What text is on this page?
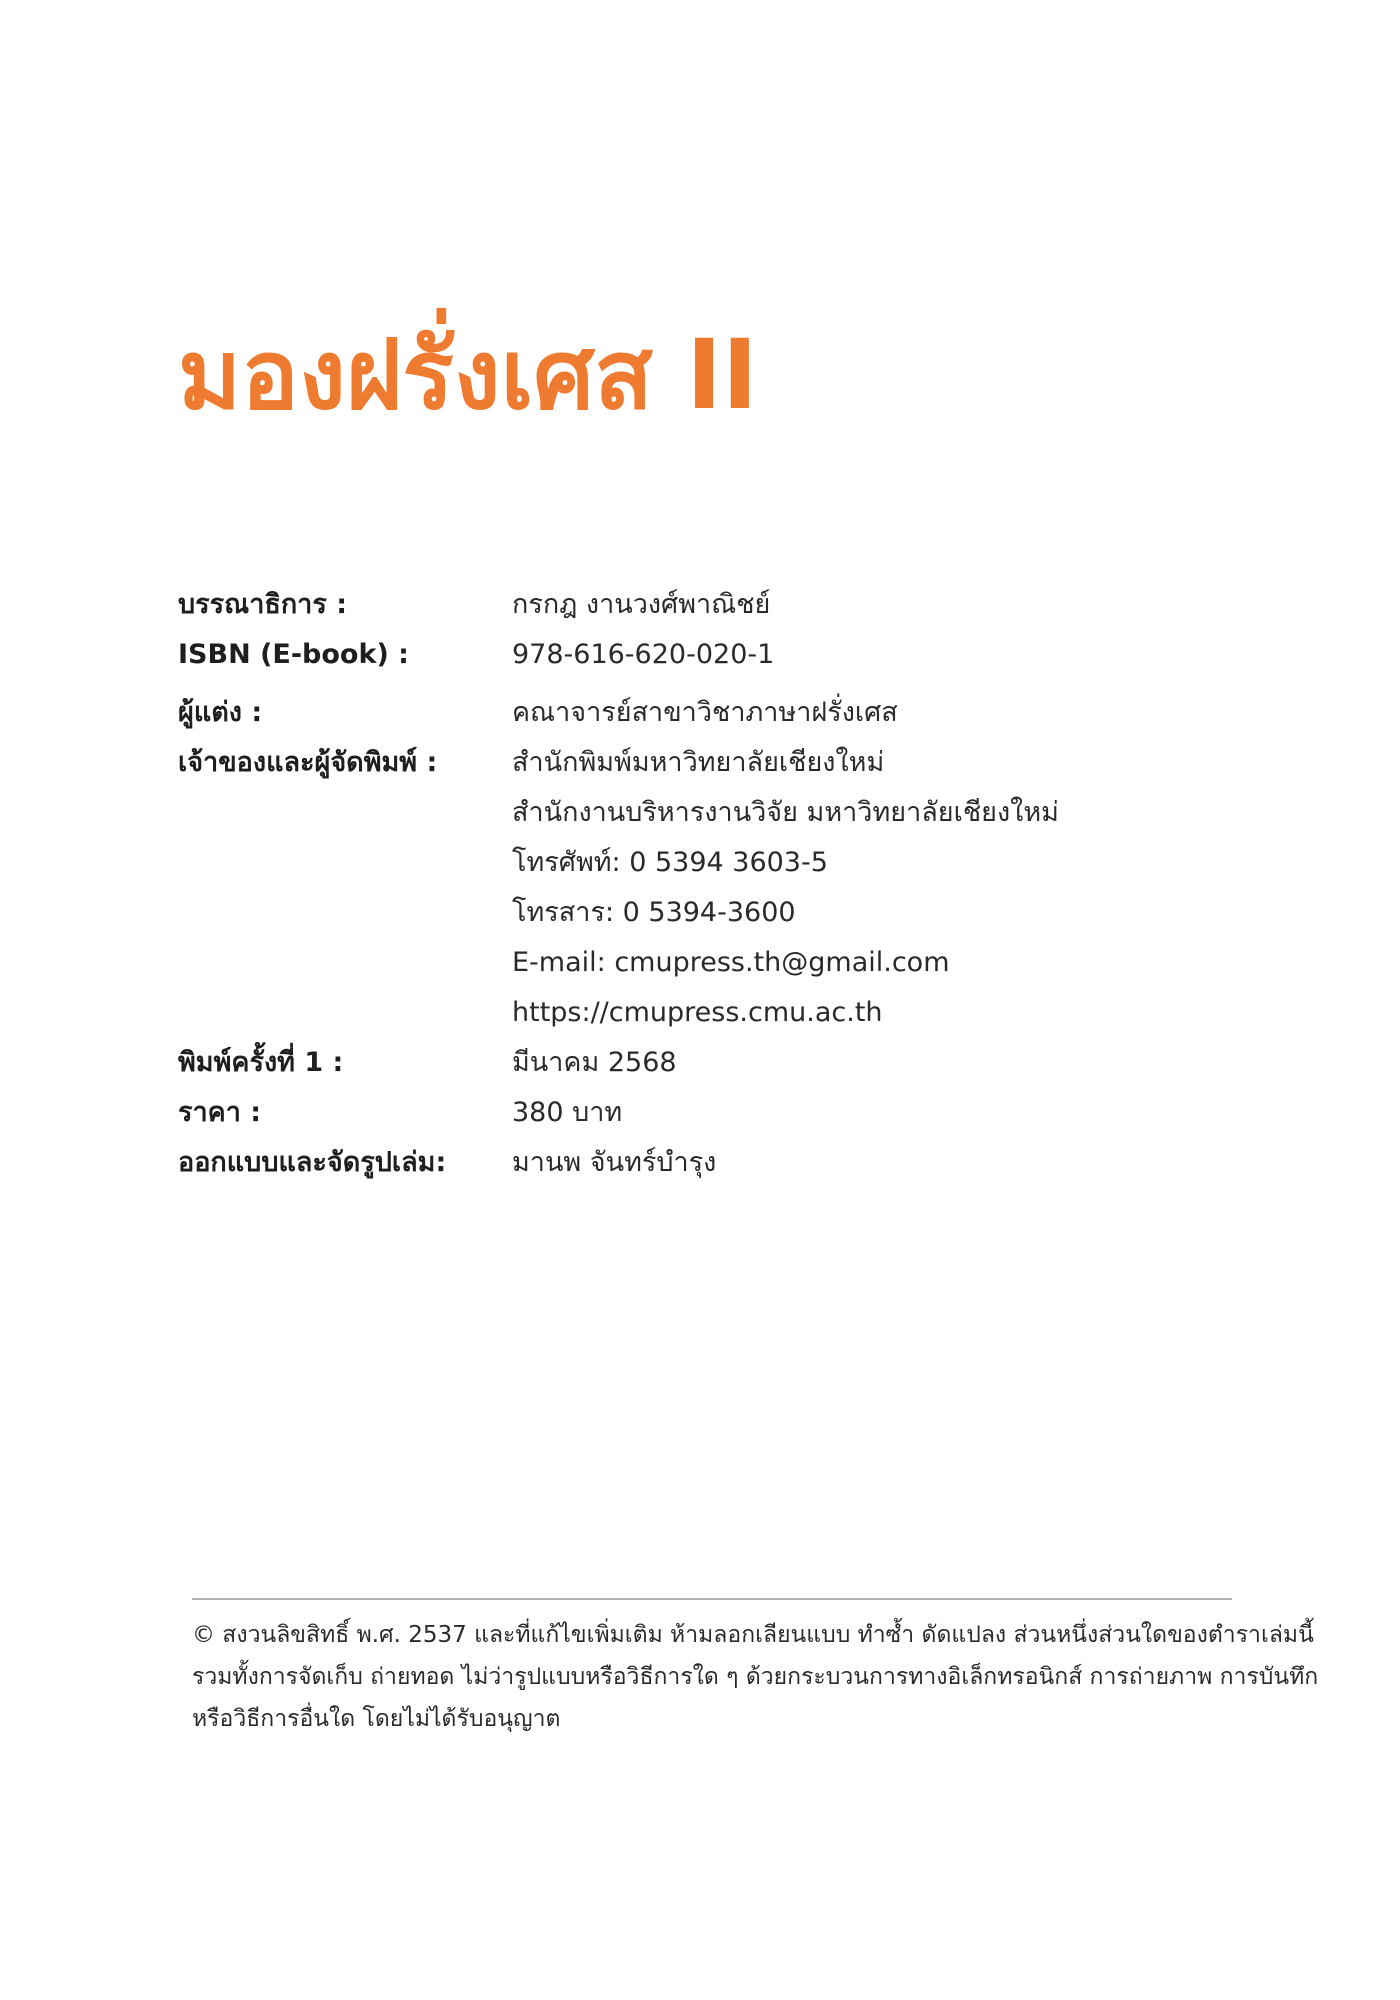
มองฝรั่งเศส II
บรรณาธิการ :	กรกฎ งานวงศ์พาณิชย์
ISBN (E-book) :	978-616-620-020-1
ผู้แต่ง :	คณาจารย์สาขาวิชาภาษาฝรั่งเศส
เจ้าของและผู้จัดพิมพ์ :	สำนักพิมพ์มหาวิทยาลัยเชียงใหม่
สำนักงานบริหารงานวิจัย มหาวิทยาลัยเชียงใหม่
โทรศัพท์: 0 5394 3603-5
โทรสาร: 0 5394-3600
E-mail: cmupress.th@gmail.com
https://cmupress.cmu.ac.th
พิมพ์ครั้งที่ 1 :	มีนาคม 2568
ราคา :	380 บาท
ออกแบบและจัดรูปเล่ม:	มานพ จันทร์บำรุง
© สงวนลิขสิทธิ์ พ.ศ. 2537 และที่แก้ไขเพิ่มเติม ห้ามลอกเลียนแบบ ทำซ้ำ ดัดแปลง ส่วนหนึ่งส่วนใดของตำราเล่มนี้
รวมทั้งการจัดเก็บ ถ่ายทอด ไม่ว่ารูปแบบหรือวิธีการใด ๆ ด้วยกระบวนการทางอิเล็กทรอนิกส์ การถ่ายภาพ การบันทึก
หรือวิธีการอื่นใด โดยไม่ได้รับอนุญาต
